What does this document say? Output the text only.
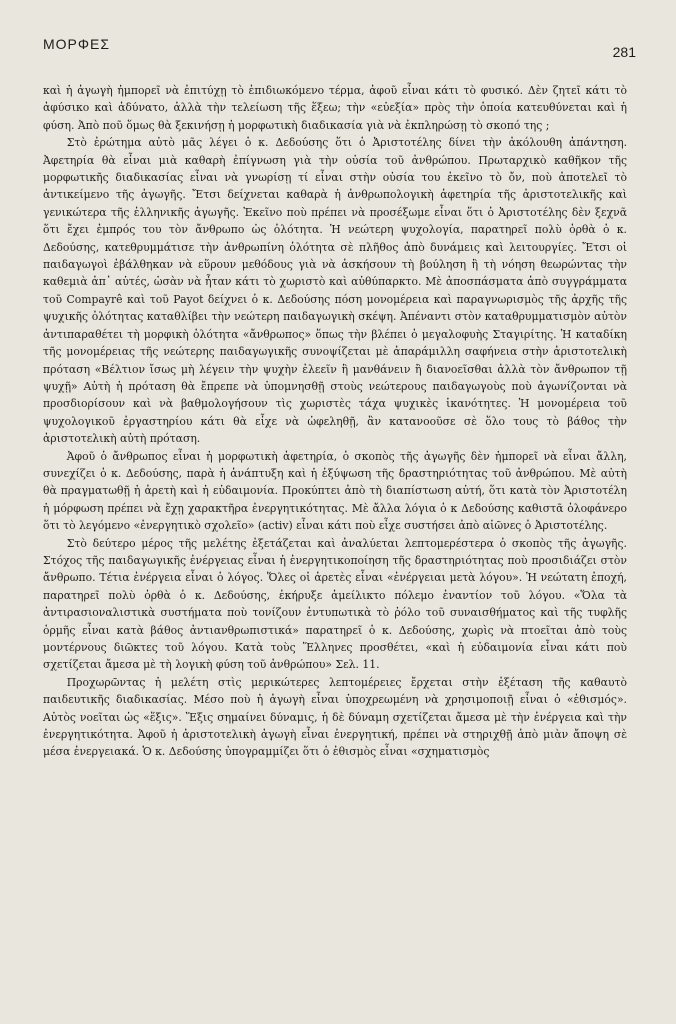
ΜΟΡΦΕΣ	281

καὶ ἡ ἀγωγὴ ἠμπορεῖ νὰ ἐπιτύχῃ τὸ ἐπιδιωκόμενο τέρμα, ἀφοῦ εἶναι κάτι τὸ φυσικό. Δὲν ζητεῖ κάτι τὸ ἀφύσικο καὶ ἀδύνατο, ἀλλὰ τὴν τελείωση τῆς ἕξεω; τὴν «εὐεξία» πρὸς τὴν ὁποία κατευθύνεται καὶ ἡ φύση. Ἀπὸ ποῦ ὅμως θὰ ξεκινήσῃ ἡ μορφωτικὴ διαδικασία γιὰ νὰ ἐκπληρώσῃ τὸ σκοπό της ;

Στὸ ἐρώτημα αὐτὸ μᾶς λέγει ὁ κ. Δεδούσης ὅτι ὁ Ἀριστοτέλης δίνει τὴν ἀκόλουθη ἀπάντηση. Ἀφετηρία θὰ εἶναι μιὰ καθαρὴ ἐπίγνωση γιὰ τὴν οὐσία τοῦ ἀνθρώπου. Πρωταρχικὸ καθῆκον τῆς μορφωτικῆς διαδικασίας εἶναι νὰ γνωρίσῃ τί εἶναι στὴν οὐσία του ἐκεῖνο τὸ ὄν, ποὺ ἀποτελεῖ τὸ ἀντικείμενο τῆς ἀγωγῆς. Ἔτσι δείχνεται καθαρὰ ἡ ἀνθρωπολογικὴ ἀφετηρία τῆς ἀριστοτελικῆς καὶ γενικώτερα τῆς ἑλληνικῆς ἀγωγῆς. Ἐκεῖνο ποὺ πρέπει νὰ προσέξωμε εἶναι ὅτι ὁ Ἀριστοτέλης δὲν ξεχνᾶ ὅτι ἔχει ἐμπρός του τὸν ἄνθρωπο ὡς ὁλότητα. Ἡ νεώτερη ψυχολογία, παρατηρεῖ πολὺ ὀρθὰ ὁ κ. Δεδούσης, κατεθρυμμάτισε τὴν ἀνθρωπίνη ὁλότητα σὲ πλῆθος ἀπὸ δυνάμεις καὶ λειτουργίες. Ἔτσι οἱ παιδαγωγοὶ ἐβάλθηκαν νὰ εὕρουν μεθόδους γιὰ νὰ ἀσκήσουν τὴ βούληση ἢ τὴ νόηση θεωρώντας τὴν καθεμιὰ ἀπ᾿ αὐτές, ὡσὰν νὰ ἦταν κάτι τὸ χωριστὸ καὶ αὐθύπαρκτο. Μὲ ἀποσπάσματα ἀπὸ συγγράμματα τοῦ Compayrê καὶ τοῦ Payot δείχνει ὁ κ. Δεδούσης πόση μονομέρεια καὶ παραγνωρισμὸς τῆς ἀρχῆς τῆς ψυχικῆς ὁλότητας καταθλίβει τὴν νεώτερη παιδαγωγικὴ σκέψη. Ἀπέναντι στὸν καταθρυμματισμὸν αὐτὸν ἀντιπαραθέτει τὴ μορφικὴ ὁλότητα «ἄνθρωπος» ὅπως τὴν βλέπει ὁ μεγαλοφυὴς Σταγιρίτης. Ἡ καταδίκη τῆς μονομέρειας τῆς νεώτερης παιδαγωγικῆς συνοψίζεται μὲ ἀπαράμιλλη σαφήνεια στὴν ἀριστοτελικὴ πρόταση «Βέλτιον ἴσως μὴ λέγειν τὴν ψυχὴν ἐλεεῖν ἢ μανθάνειν ἢ διανοεῖσθαι ἀλλὰ τὸν ἄνθρωπον τῇ ψυχῇ» Αὐτὴ ἡ πρόταση θὰ ἔπρεπε νὰ ὑπομνησθῇ στοὺς νεώτερους παιδαγωγοὺς ποὺ ἀγωνίζονται νὰ προσδιορίσουν καὶ νὰ βαθμολογήσουν τὶς χωριστὲς τάχα ψυχικὲς ἱκανότητες. Ἡ μονομέρεια τοῦ ψυχολογικοῦ ἐργαστηρίου κάτι θὰ εἶχε νὰ ὠφεληθῇ, ἂν κατανοοῦσε σὲ ὅλο τους τὸ βάθος τὴν ἀριστοτελικὴ αὐτὴ πρόταση.

Ἀφοῦ ὁ ἄνθρωπος εἶναι ἡ μορφωτικὴ ἀφετηρία, ὁ σκοπὸς τῆς ἀγωγῆς δὲν ἠμπορεῖ νὰ εἶναι ἄλλη, συνεχίζει ὁ κ. Δεδούσης, παρὰ ἡ ἀνάπτυξη καὶ ἡ ἐξύψωση τῆς δραστηριότητας τοῦ ἀνθρώπου. Μὲ αὐτὴ θὰ πραγματωθῇ ἡ ἀρετὴ καὶ ἡ εὐδαιμονία. Προκύπτει ἀπὸ τὴ διαπίστωση αὐτή, ὅτι κατὰ τὸν Ἀριστοτέλη ἡ μόρφωση πρέπει νὰ ἔχῃ χαρακτῆρα ἐνεργητικότητας. Μὲ ἄλλα λόγια ὁ κ Δεδούσης καθιστᾶ ὁλοφάνερο ὅτι τὸ λεγόμενο «ἐνεργητικὸ σχολεῖο» (activ) εἶναι κάτι ποὺ εἶχε συστήσει ἀπὸ αἰῶνες ὁ Ἀριστοτέλης.

Στὸ δεύτερο μέρος τῆς μελέτης ἐξετάζεται καὶ ἀναλύεται λεπτομερέστερα ὁ σκοπὸς τῆς ἀγωγῆς. Στόχος τῆς παιδαγωγικῆς ἐνέργειας εἶναι ἡ ἐνεργητικοποίηση τῆς δραστηριότητας ποὺ προσιδιάζει στὸν ἄνθρωπο. Τέτια ἐνέργεια εἶναι ὁ λόγος. Ὅλες οἱ ἀρετὲς εἶναι «ἐνέργειαι μετὰ λόγου». Ἡ νεώτατη ἐποχή, παρατηρεῖ πολὺ ὀρθὰ ὁ κ. Δεδούσης, ἐκήρυξε ἀμείλικτο πόλεμο ἐναντίον τοῦ λόγου. «Ὅλα τὰ ἀντιρασιοναλιστικὰ συστήματα ποὺ τονίζουν ἐντυπωτικὰ τὸ ῥόλο τοῦ συναισθήματος καὶ τῆς τυφλῆς ὁρμῆς εἶναι κατὰ βάθος ἀντιανθρωπιστικά» παρατηρεῖ ὁ κ. Δεδούσης, χωρὶς νὰ πτοεῖται ἀπὸ τοὺς μοντέρνους διῶκτες τοῦ λόγου. Κατὰ τοὺς Ἕλληνες προσθέτει, «καὶ ἡ εὐδαιμονία εἶναι κάτι ποὺ σχετίζεται ἄμεσα μὲ τὴ λογικὴ φύση τοῦ ἀνθρώπου» Σελ. 11.

Προχωρῶντας ἡ μελέτη στὶς μερικώτερες λεπτομέρειες ἔρχεται στὴν ἐξέταση τῆς καθαυτὸ παιδευτικῆς διαδικασίας. Μέσο ποὺ ἡ ἀγωγὴ εἶναι ὑποχρεωμένη νὰ χρησιμοποιῇ εἶναι ὁ «ἐθισμός». Αὐτὸς νοεῖται ὡς «ἕξις». Ἕξις σημαίνει δύναμις, ἡ δὲ δύναμη σχετίζεται ἄμεσα μὲ τὴν ἐνέργεια καὶ τὴν ἐνεργητικότητα. Ἀφοῦ ἡ ἀριστοτελικὴ ἀγωγὴ εἶναι ἐνεργητική, πρέπει νὰ στηριχθῇ ἀπὸ μιὰν ἄποψη σὲ μέσα ἐνεργειακά. Ὁ κ. Δεδούσης ὑπογραμμίζει ὅτι ὁ ἐθισμὸς εἶναι «σχηματισμὸς
